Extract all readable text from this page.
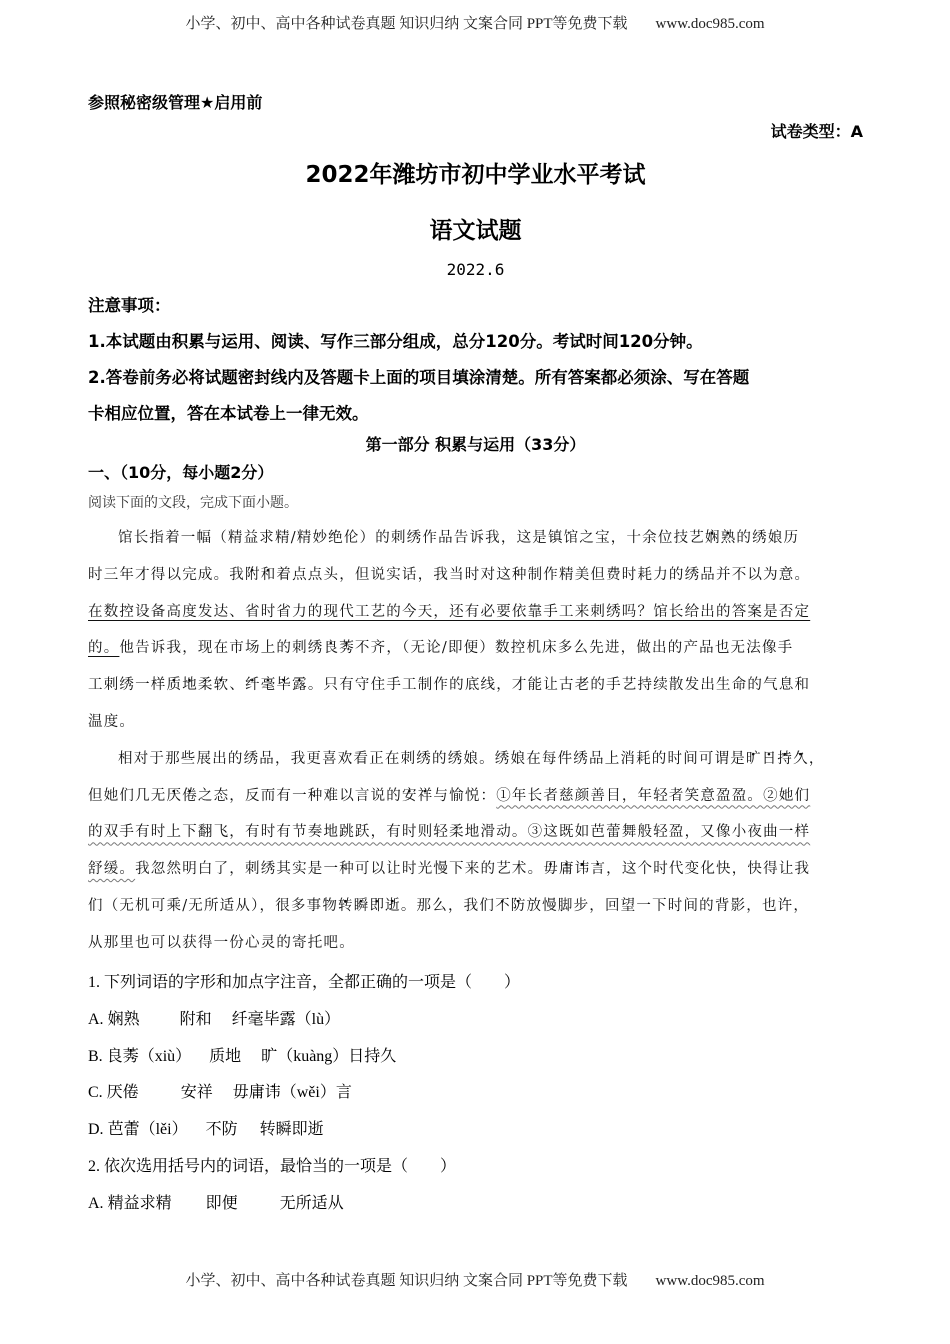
小学、初中、高中各种试卷真题 知识归纳 文案合同 PPT等免费下载 www.doc985.com
参照秘密级管理★启用前
试卷类型：A
2022年潍坊市初中学业水平考试
语文试题
2022.6
注意事项：
1.本试题由积累与运用、阅读、写作三部分组成，总分120分。考试时间120分钟。
2.答卷前务必将试题密封线内及答题卡上面的项目填涂清楚。所有答案都必须涂、写在答题
卡相应位置，答在本试卷上一律无效。
第一部分 积累与运用（33分）
一、（10分，每小题2分）
阅读下面的文段，完成下面小题。
馆长指着一幅（精益求精/精妙绝伦）的刺绣作品告诉我，这是镇馆之宝，十余位技艺· 娴· 熟的绣娘历
时三年才得以完成。我· 附· 和着点点头，但说实话，我当时对这种制作精美但费时耗力的绣品并不以为意。
在数控设备高度发达、省时省力的现代工艺的今天，还有必要依靠手工来刺绣吗？馆长给出的答案是否定
的。他告诉我，现在市场上的刺绣· 良· 莠不齐，（无论/即便）数控机床多么先进，做出的产品也无法像手
工刺绣一样· 质· 地柔· 软、· 纤· 毫· 毕· 露。只有守住手工制作的底线，才能让古老的手艺持续散发出生命的气息和
温度。
相对于那些展出的绣品，我更喜欢看正在刺绣的绣娘。绣娘在每件绣品上消耗的时间可谓是· 旷· 日· 持· 久，
但她们几无· 厌· 倦之态，反而有一种难以言说的· 安· 祥与愉悦：①年长者慈颜善目，年轻者笑意盈盈。②她们
的双手有时上下翻飞，有时有节奏地跳跃，有时则轻柔地滑动。③这既如芭蕾舞般轻盈，又像小夜曲一样
舒缓。我忽然明白了，刺绣其实是一种可以让时光慢下来的艺术。· 毋· 庸· 讳· 言，这个时代变化快，快得让我
们（无机可乘/无所适从），很多事物· 转· 瞬· 即· 逝。那么，我们· 不· 防放慢脚步，回望一下时间的背影，也许，
从那里也可以获得一份心灵的寄托吧。
1. 下列词语的字形和加点字注音，全都正确的一项是（　　）
A. 娴熟	附和 纤毫毕· 露（lù）
B. 良· 莠（xiù） 质地 · 旷（kuàng）日持久
C. 厌倦	安祥 毋庸· 讳（wěi）言
D. 芭· 蕾（lěi） 不防 转瞬即逝
2. 依次选用括号内的词语，最恰当的一项是（　　）
A. 精益求精 即便	无所适从
小学、初中、高中各种试卷真题 知识归纳 文案合同 PPT等免费下载 www.doc985.com
